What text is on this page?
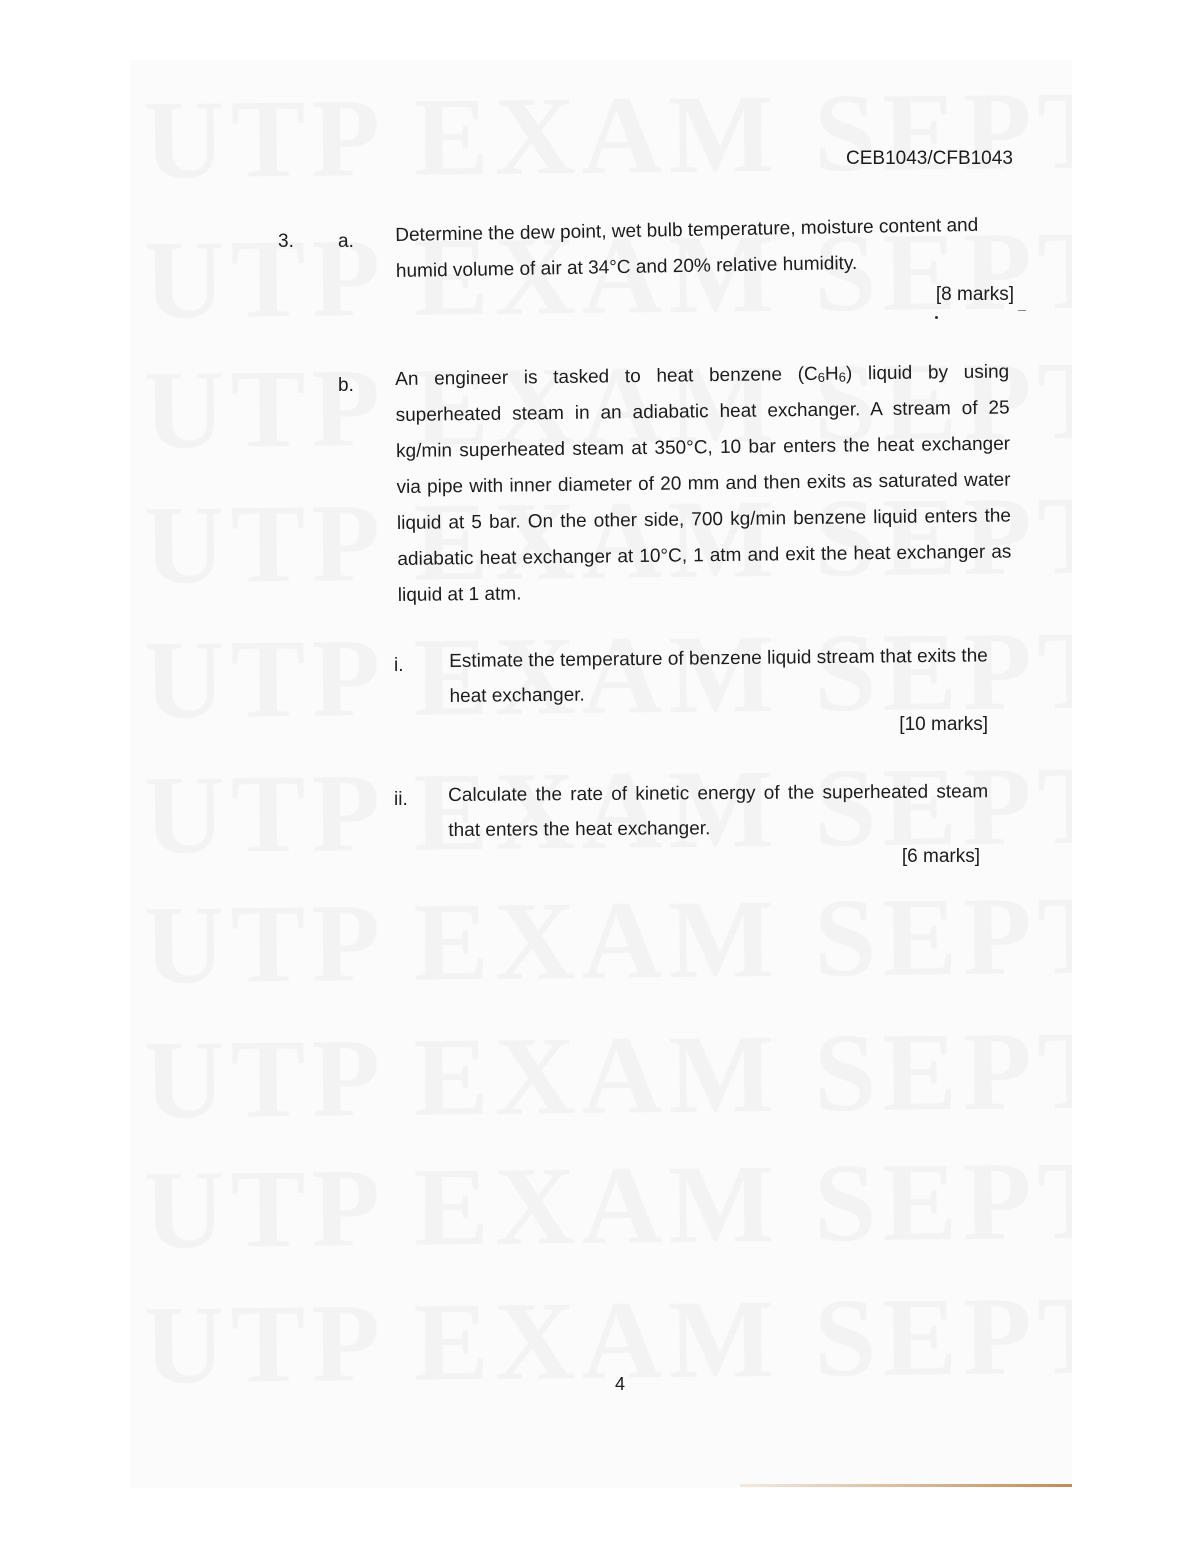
CEB1043/CFB1043
3. a. Determine the dew point, wet bulb temperature, moisture content and humid volume of air at 34°C and 20% relative humidity.
[8 marks]
b. An engineer is tasked to heat benzene $(C_6H_6)$ liquid by using superheated steam in an adiabatic heat exchanger. A stream of 25 kg/min superheated steam at 350°C, 10 bar enters the heat exchanger via pipe with inner diameter of 20 mm and then exits as saturated water liquid at 5 bar. On the other side, 700 kg/min benzene liquid enters the adiabatic heat exchanger at 10°C, 1 atm and exit the heat exchanger as liquid at 1 atm.
i. Estimate the temperature of benzene liquid stream that exits the heat exchanger.
[10 marks]
ii. Calculate the rate of kinetic energy of the superheated steam that enters the heat exchanger.
[6 marks]
4
